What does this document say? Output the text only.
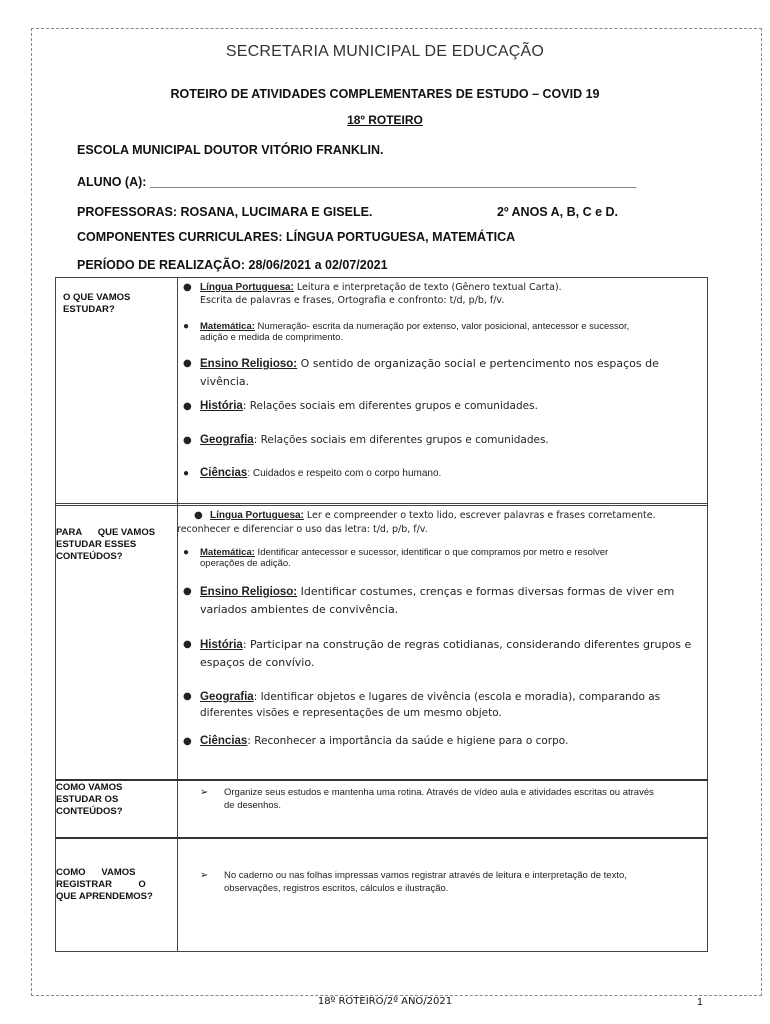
SECRETARIA MUNICIPAL DE EDUCAÇÃO
ROTEIRO DE ATIVIDADES COMPLEMENTARES DE ESTUDO – COVID 19
18º ROTEIRO
ESCOLA MUNICIPAL DOUTOR VITÓRIO FRANKLIN.
ALUNO (A): ______________________________________________________________________
PROFESSORAS: ROSANA, LUCIMARA E GISELE.	2º ANOS A, B, C e D.
COMPONENTES CURRICULARES: LÍNGUA PORTUGUESA, MATEMÁTICA
PERÍODO DE REALIZAÇÃO: 28/06/2021 a 02/07/2021
O QUE VAMOS
ESTUDAR?
● Língua Portuguesa: Leitura e interpretação de texto (Gênero textual Carta).
Escrita de palavras e frases, Ortografia e confronto: t/d, p/b, f/v.
● Matemática: Numeração- escrita da numeração por extenso, valor posicional, antecessor e sucessor,
adição e medida de comprimento.
● Ensino Religioso: O sentido de organização social e pertencimento nos espaços de
vivência.
● História: Relações sociais em diferentes grupos e comunidades.
● Geografia: Relações sociais em diferentes grupos e comunidades.
● Ciências: Cuidados e respeito com o corpo humano.
PARA      QUE VAMOS
ESTUDAR ESSES
CONTEÚDOS?
● Língua Portuguesa: Ler e compreender o texto lido, escrever palavras e frases corretamente.
reconhecer e diferenciar o uso das letra: t/d, p/b, f/v.
● Matemática: Identificar antecessor e sucessor, identificar o que compramos por metro e resolver
operações de adição.
● Ensino Religioso: Identificar costumes, crenças e formas diversas formas de viver em
variados ambientes de convivência.
● História: Participar na construção de regras cotidianas, considerando diferentes grupos e
espaços de convívio.
● Geografia: Identificar objetos e lugares de vivência (escola e moradia), comparando as
diferentes visões e representações de um mesmo objeto.
● Ciências: Reconhecer a importância da saúde e higiene para o corpo.
COMO VAMOS
ESTUDAR OS
CONTEÚDOS?
➢ Organize seus estudos e mantenha uma rotina. Através de vídeo aula e atividades escritas ou através
de desenhos.
COMO      VAMOS
REGISTRAR          O
QUE APRENDEMOS?
➢ No caderno ou nas folhas impressas vamos registrar através de leitura e interpretação de texto,
observações, registros escritos, cálculos e ilustração.
18º ROTEIRO/2º ANO/2021	1
